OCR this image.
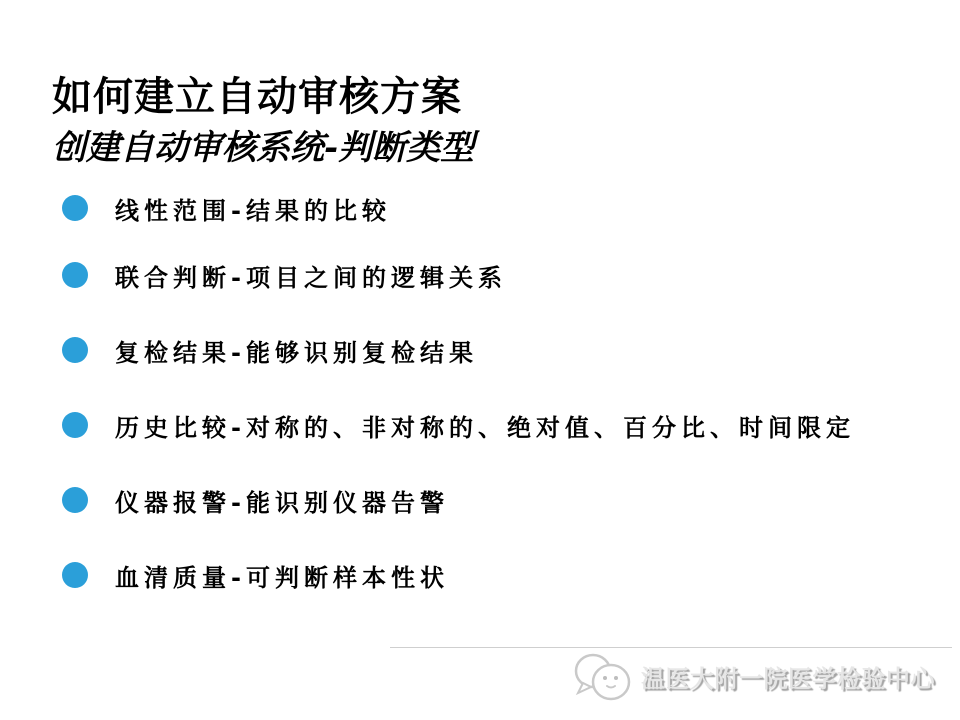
如何建立自动审核方案
创建自动审核系统-判断类型
线性范围-结果的比较
联合判断-项目之间的逻辑关系
复检结果-能够识别复检结果
历史比较-对称的、非对称的、绝对值、百分比、时间限定
仪器报警-能识别仪器告警
血清质量-可判断样本性状
温医大附一院医学检验中心
